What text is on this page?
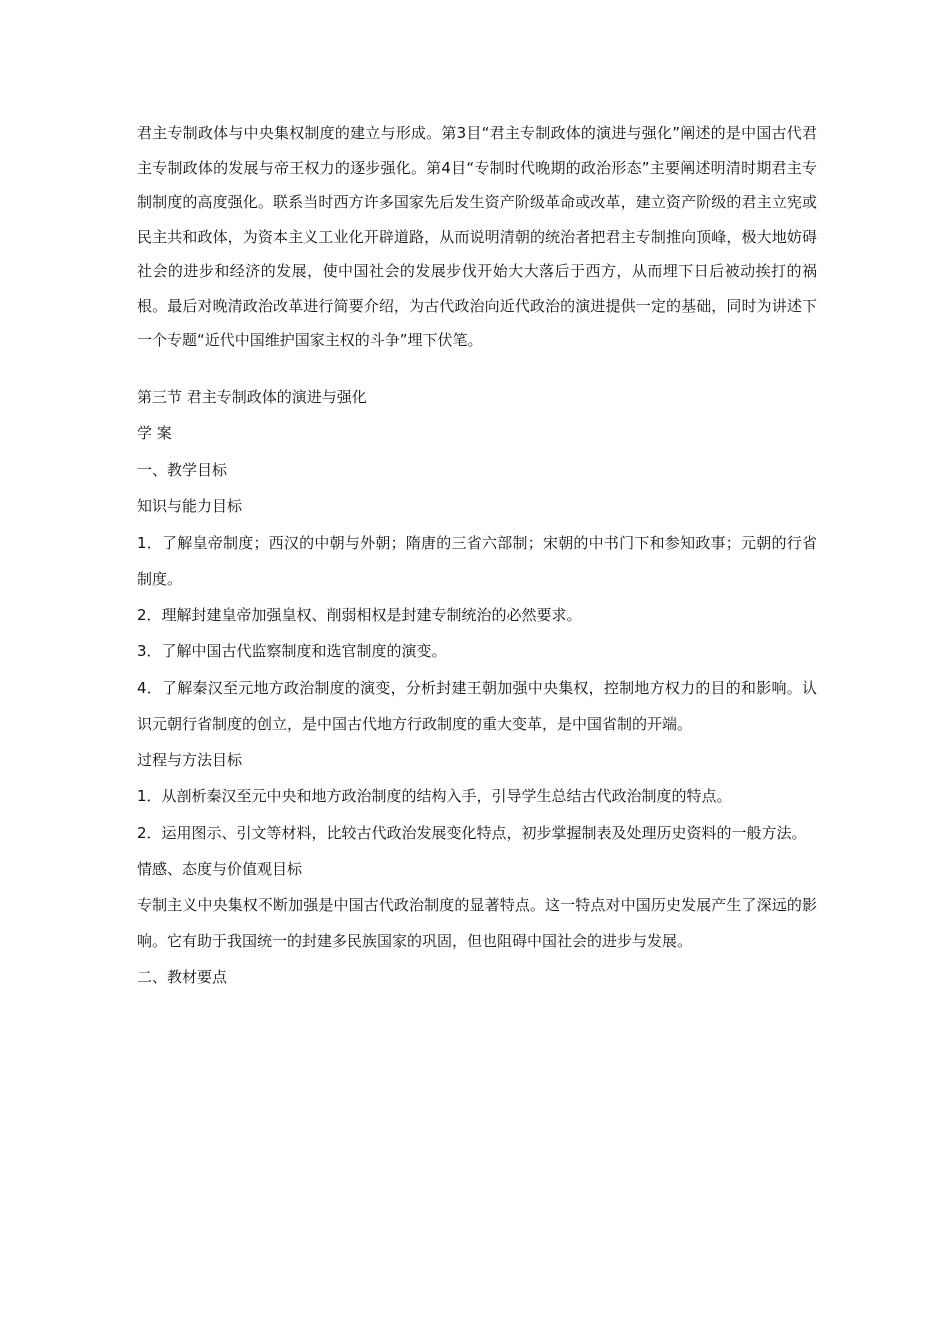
君主专制政体与中央集权制度的建立与形成。第3目“君主专制政体的演进与强化”阐述的是中国古代君主专制政体的发展与帝王权力的逐步强化。第4目“专制时代晚期的政治形态”主要阐述明清时期君主专制制度的高度强化。联系当时西方许多国家先后发生资产阶级革命或改革，建立资产阶级的君主立宪或民主共和政体，为资本主义工业化开辟道路，从而说明清朝的统治者把君主专制推向顶峰，极大地妨碍社会的进步和经济的发展，使中国社会的发展步伐开始大大落后于西方，从而埋下日后被动挨打的祸根。最后对晚清政治改革进行简要介绍，为古代政治向近代政治的演进提供一定的基础，同时为讲述下一个专题“近代中国维护国家主权的斗争”埋下伏笔。

第三节 君主专制政体的演进与强化

学 案

一、教学目标

知识与能力目标

1．了解皇帝制度；西汉的中朝与外朝；隋唐的三省六部制；宋朝的中书门下和参知政事；元朝的行省制度。

2．理解封建皇帝加强皇权、削弱相权是封建专制统治的必然要求。

3．了解中国古代监察制度和选官制度的演变。

4．了解秦汉至元地方政治制度的演变，分析封建王朝加强中央集权，控制地方权力的目的和影响。认识元朝行省制度的创立，是中国古代地方行政制度的重大变革，是中国省制的开端。

过程与方法目标

1．从剖析秦汉至元中央和地方政治制度的结构入手，引导学生总结古代政治制度的特点。

2．运用图示、引文等材料，比较古代政治发展变化特点，初步掌握制表及处理历史资料的一般方法。

情感、态度与价值观目标

专制主义中央集权不断加强是中国古代政治制度的显著特点。这一特点对中国历史发展产生了深远的影响。它有助于我国统一的封建多民族国家的巩固，但也阻碍中国社会的进步与发展。

二、教材要点
